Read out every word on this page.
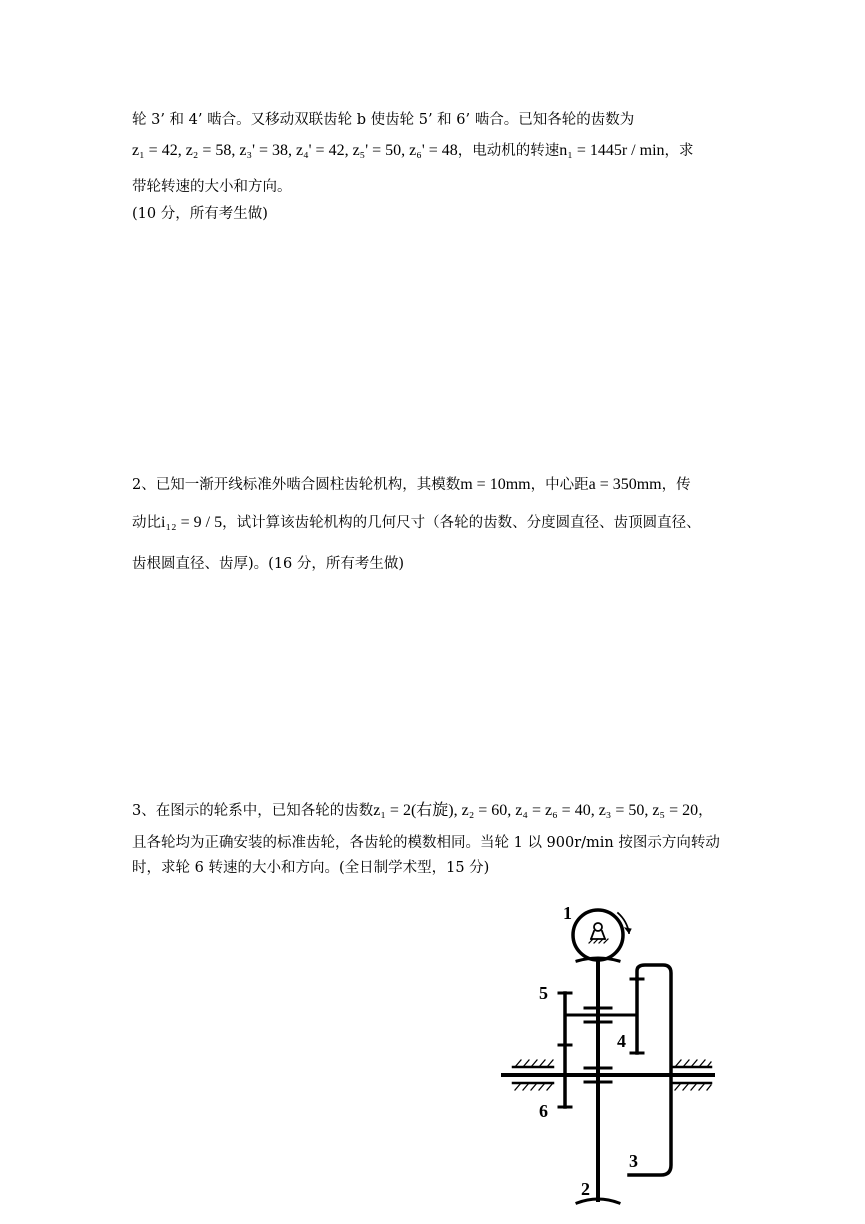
轮 3’ 和 4’ 啮合。又移动双联齿轮 b 使齿轮 5’ 和 6’ 啮合。已知各轮的齿数为
z₁ = 42, z₂ = 58, z₃' = 38, z₄' = 42, z₅' = 50, z₆' = 48，电动机的转速n₁ = 1445r / min，求
带轮转速的大小和方向。
(10 分，所有考生做)
2、已知一渐开线标准外啮合圆柱齿轮机构，其模数m = 10mm，中心距a = 350mm，传
动比i₁₂ = 9 / 5，试计算该齿轮机构的几何尺寸（各轮的齿数、分度圆直径、齿顶圆直径、
齿根圆直径、齿厚)。(16 分，所有考生做)
3、在图示的轮系中，已知各轮的齿数z₁ = 2(右旋), z₂ = 60, z₄ = z₆ = 40, z₃ = 50, z₅ = 20，
且各轮均为正确安装的标准齿轮，各齿轮的模数相同。当轮 1 以 900r/min 按图示方向转动
时，求轮 6 转速的大小和方向。(全日制学术型，15 分)
1
5
4
6
3
2
